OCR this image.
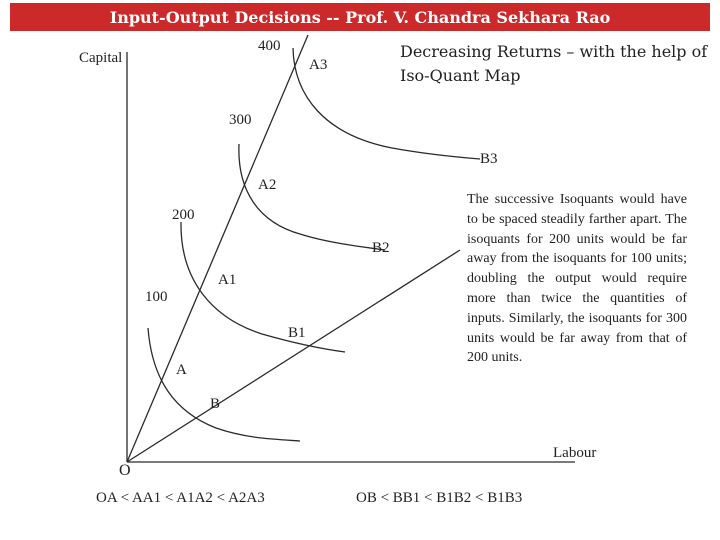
Input-Output Decisions -- Prof. V. Chandra Sekhara Rao
Capital
Labour
O
100
200
300
400
A
A1
A2
A3
B
B1
B2
B3
Decreasing Returns – with the help of Iso-Quant Map
The successive Isoquants would have to be spaced steadily farther apart. The isoquants for 200 units would be far away from the isoquants for 100 units; doubling the output would require more than twice the quantities of inputs. Similarly, the isoquants for 300 units would be far away from that of 200 units.
OA < AA1 < A1A2 < A2A3	OB < BB1 < B1B2 < B1B3
